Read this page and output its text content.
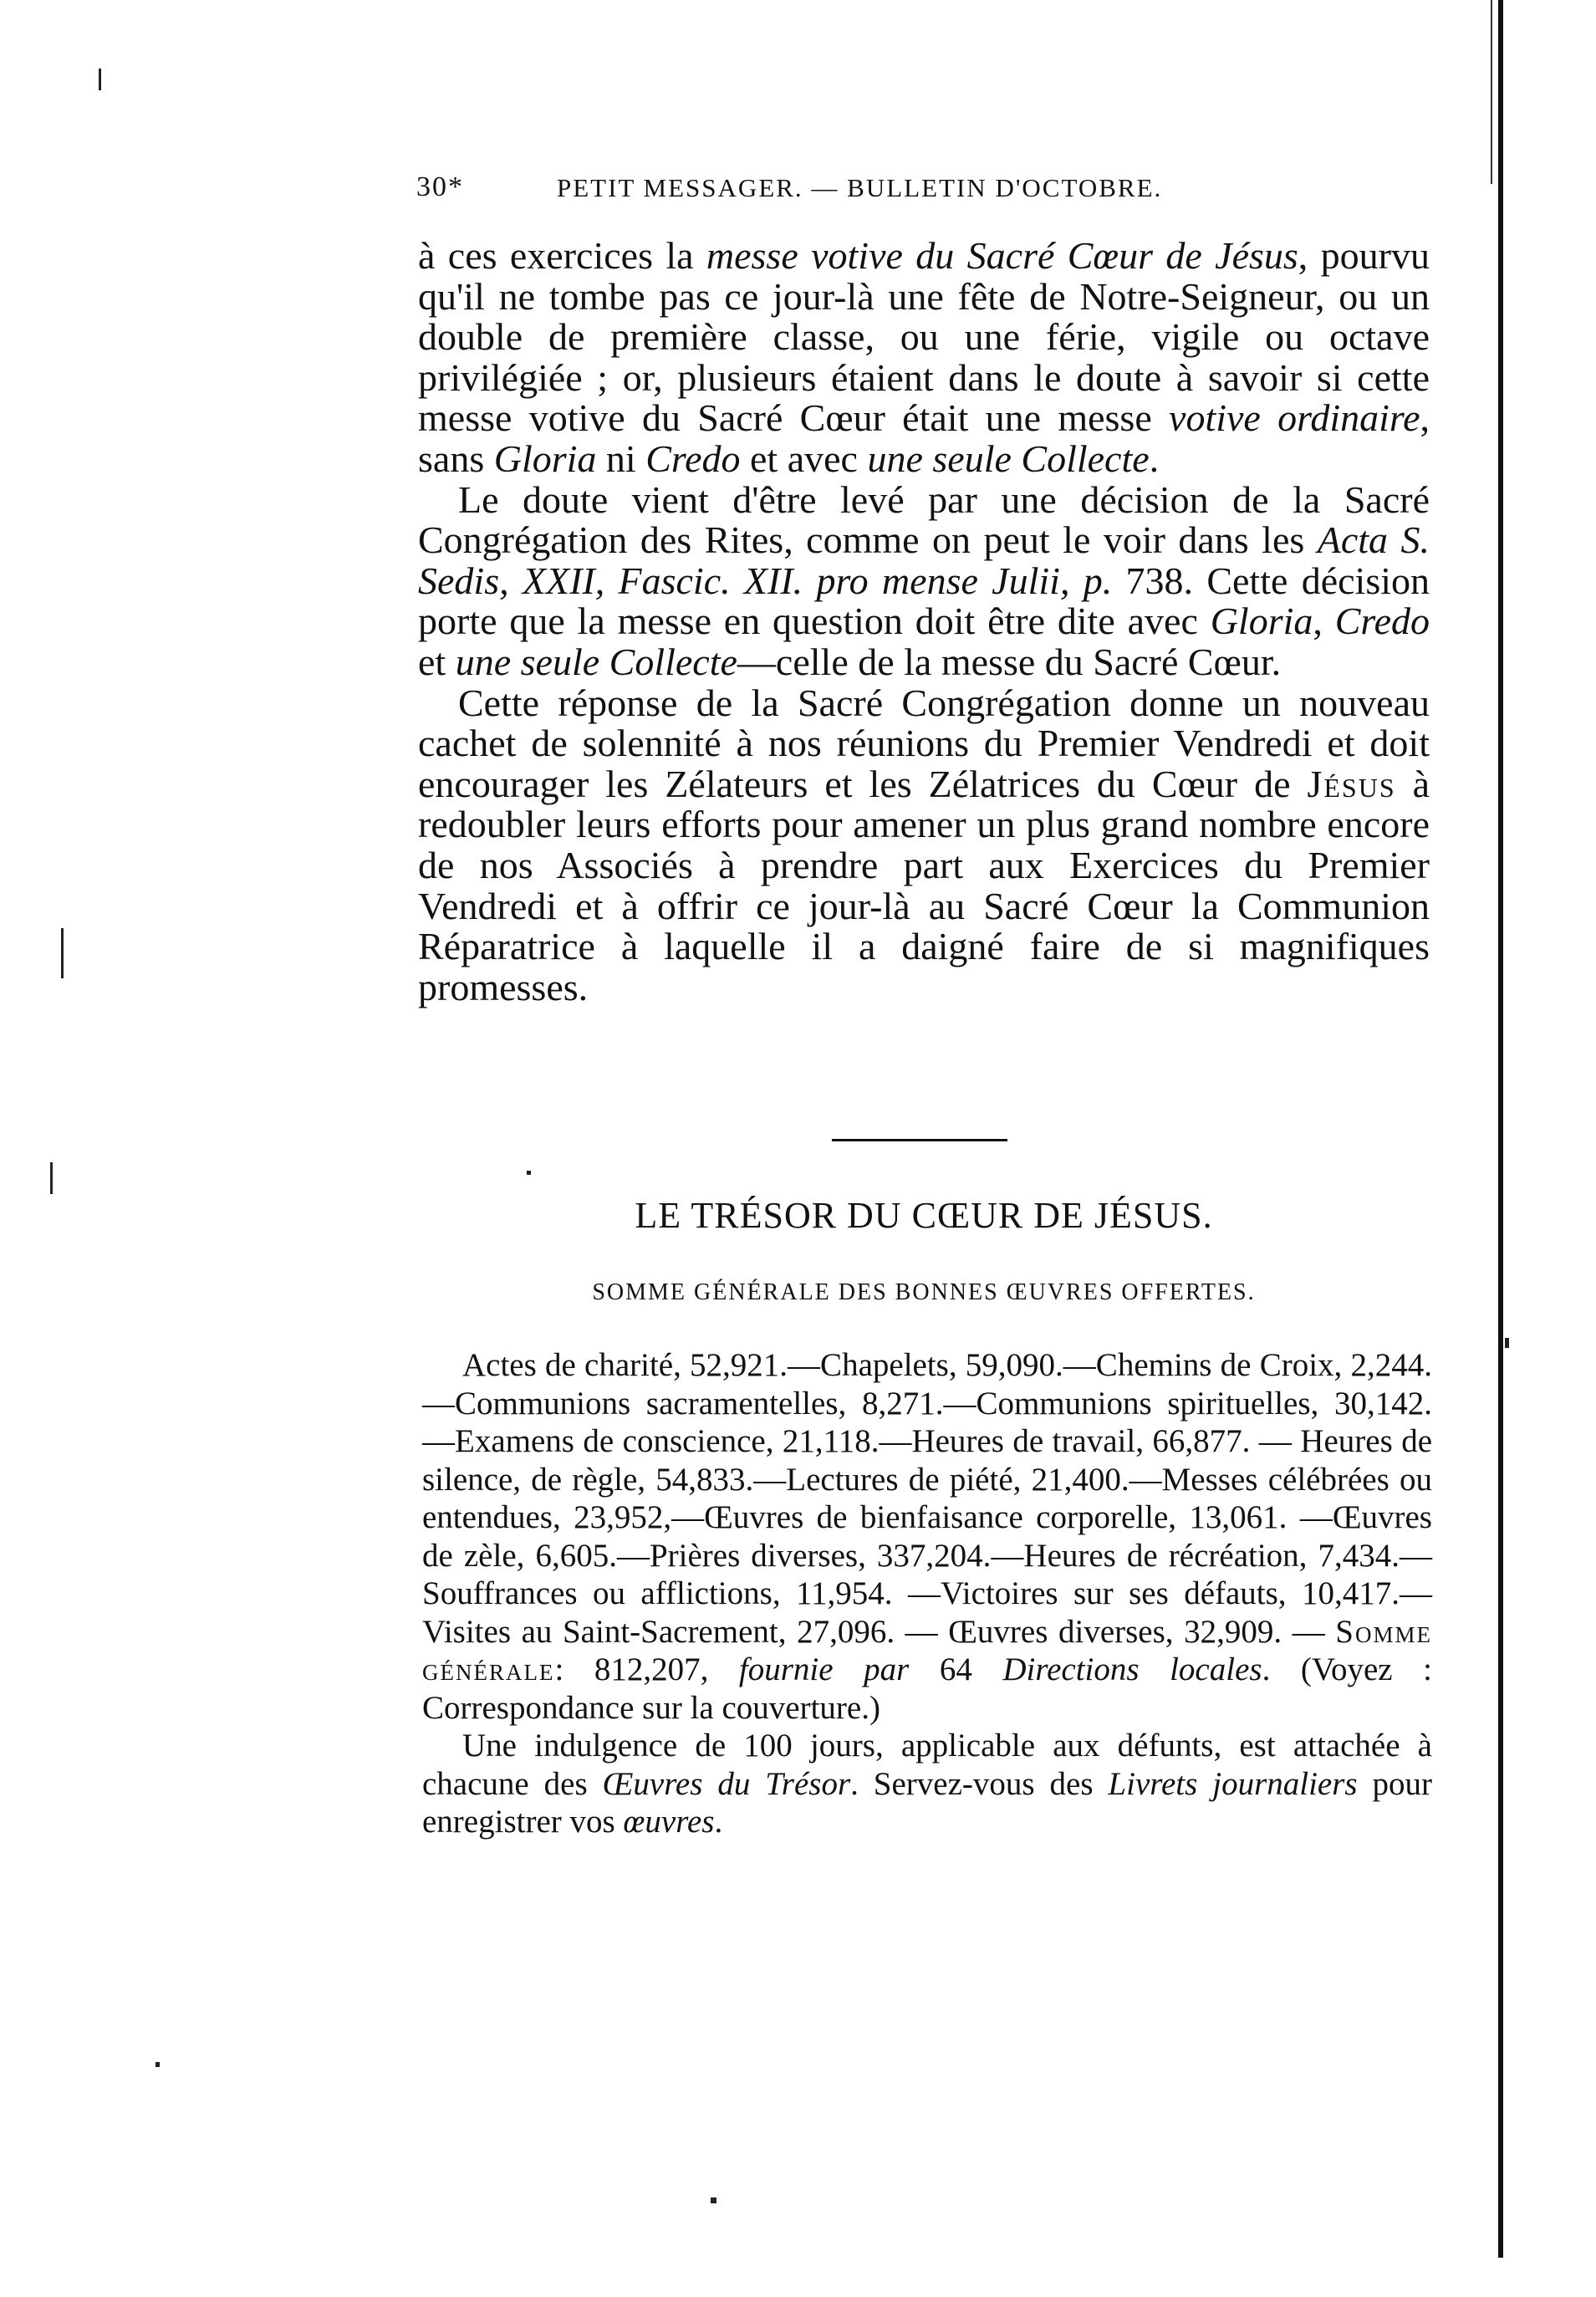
30*	PETIT MESSAGER. — BULLETIN D'OCTOBRE.

à ces exercices la messe votive du Sacré Cœur de Jésus, pourvu qu'il ne tombe pas ce jour-là une fête de Notre-Seigneur, ou un double de première classe, ou une férie, vigile ou octave privilégiée ; or, plusieurs étaient dans le doute à savoir si cette messe votive du Sacré Cœur était une messe votive ordinaire, sans Gloria ni Credo et avec une seule Collecte.

Le doute vient d'être levé par une décision de la Sacré Congrégation des Rites, comme on peut le voir dans les Acta S. Sedis, XXII, Fascic. XII. pro mense Julii, p. 738. Cette décision porte que la messe en question doit être dite avec Gloria, Credo et une seule Collecte—celle de la messe du Sacré Cœur.

Cette réponse de la Sacré Congrégation donne un nouveau cachet de solennité à nos réunions du Premier Vendredi et doit encourager les Zélateurs et les Zélatrices du Cœur de Jésus à redoubler leurs efforts pour amener un plus grand nombre encore de nos Associés à prendre part aux Exercices du Premier Vendredi et à offrir ce jour-là au Sacré Cœur la Communion Réparatrice à laquelle il a daigné faire de si magnifiques promesses.

LE TRÉSOR DU CŒUR DE JÉSUS.
SOMME GÉNÉRALE DES BONNES ŒUVRES OFFERTES.

Actes de charité, 52,921.—Chapelets, 59,090.—Chemins de Croix, 2,244.—Communions sacramentelles, 8,271.—Communions spirituelles, 30,142.—Examens de conscience, 21,118.—Heures de travail, 66,877. — Heures de silence, de règle, 54,833.—Lectures de piété, 21,400.—Messes célébrées ou entendues, 23,952,—Œuvres de bienfaisance corporelle, 13,061. —Œuvres de zèle, 6,605.—Prières diverses, 337,204.—Heures de récréation, 7,434.—Souffrances ou afflictions, 11,954. —Victoires sur ses défauts, 10,417.—Visites au Saint-Sacrement, 27,096. — Œuvres diverses, 32,909. — Somme générale: 812,207, fournie par 64 Directions locales. (Voyez : Correspondance sur la couverture.)

Une indulgence de 100 jours, applicable aux défunts, est attachée à chacune des Œuvres du Trésor. Servez-vous des Livrets journaliers pour enregistrer vos œuvres.
